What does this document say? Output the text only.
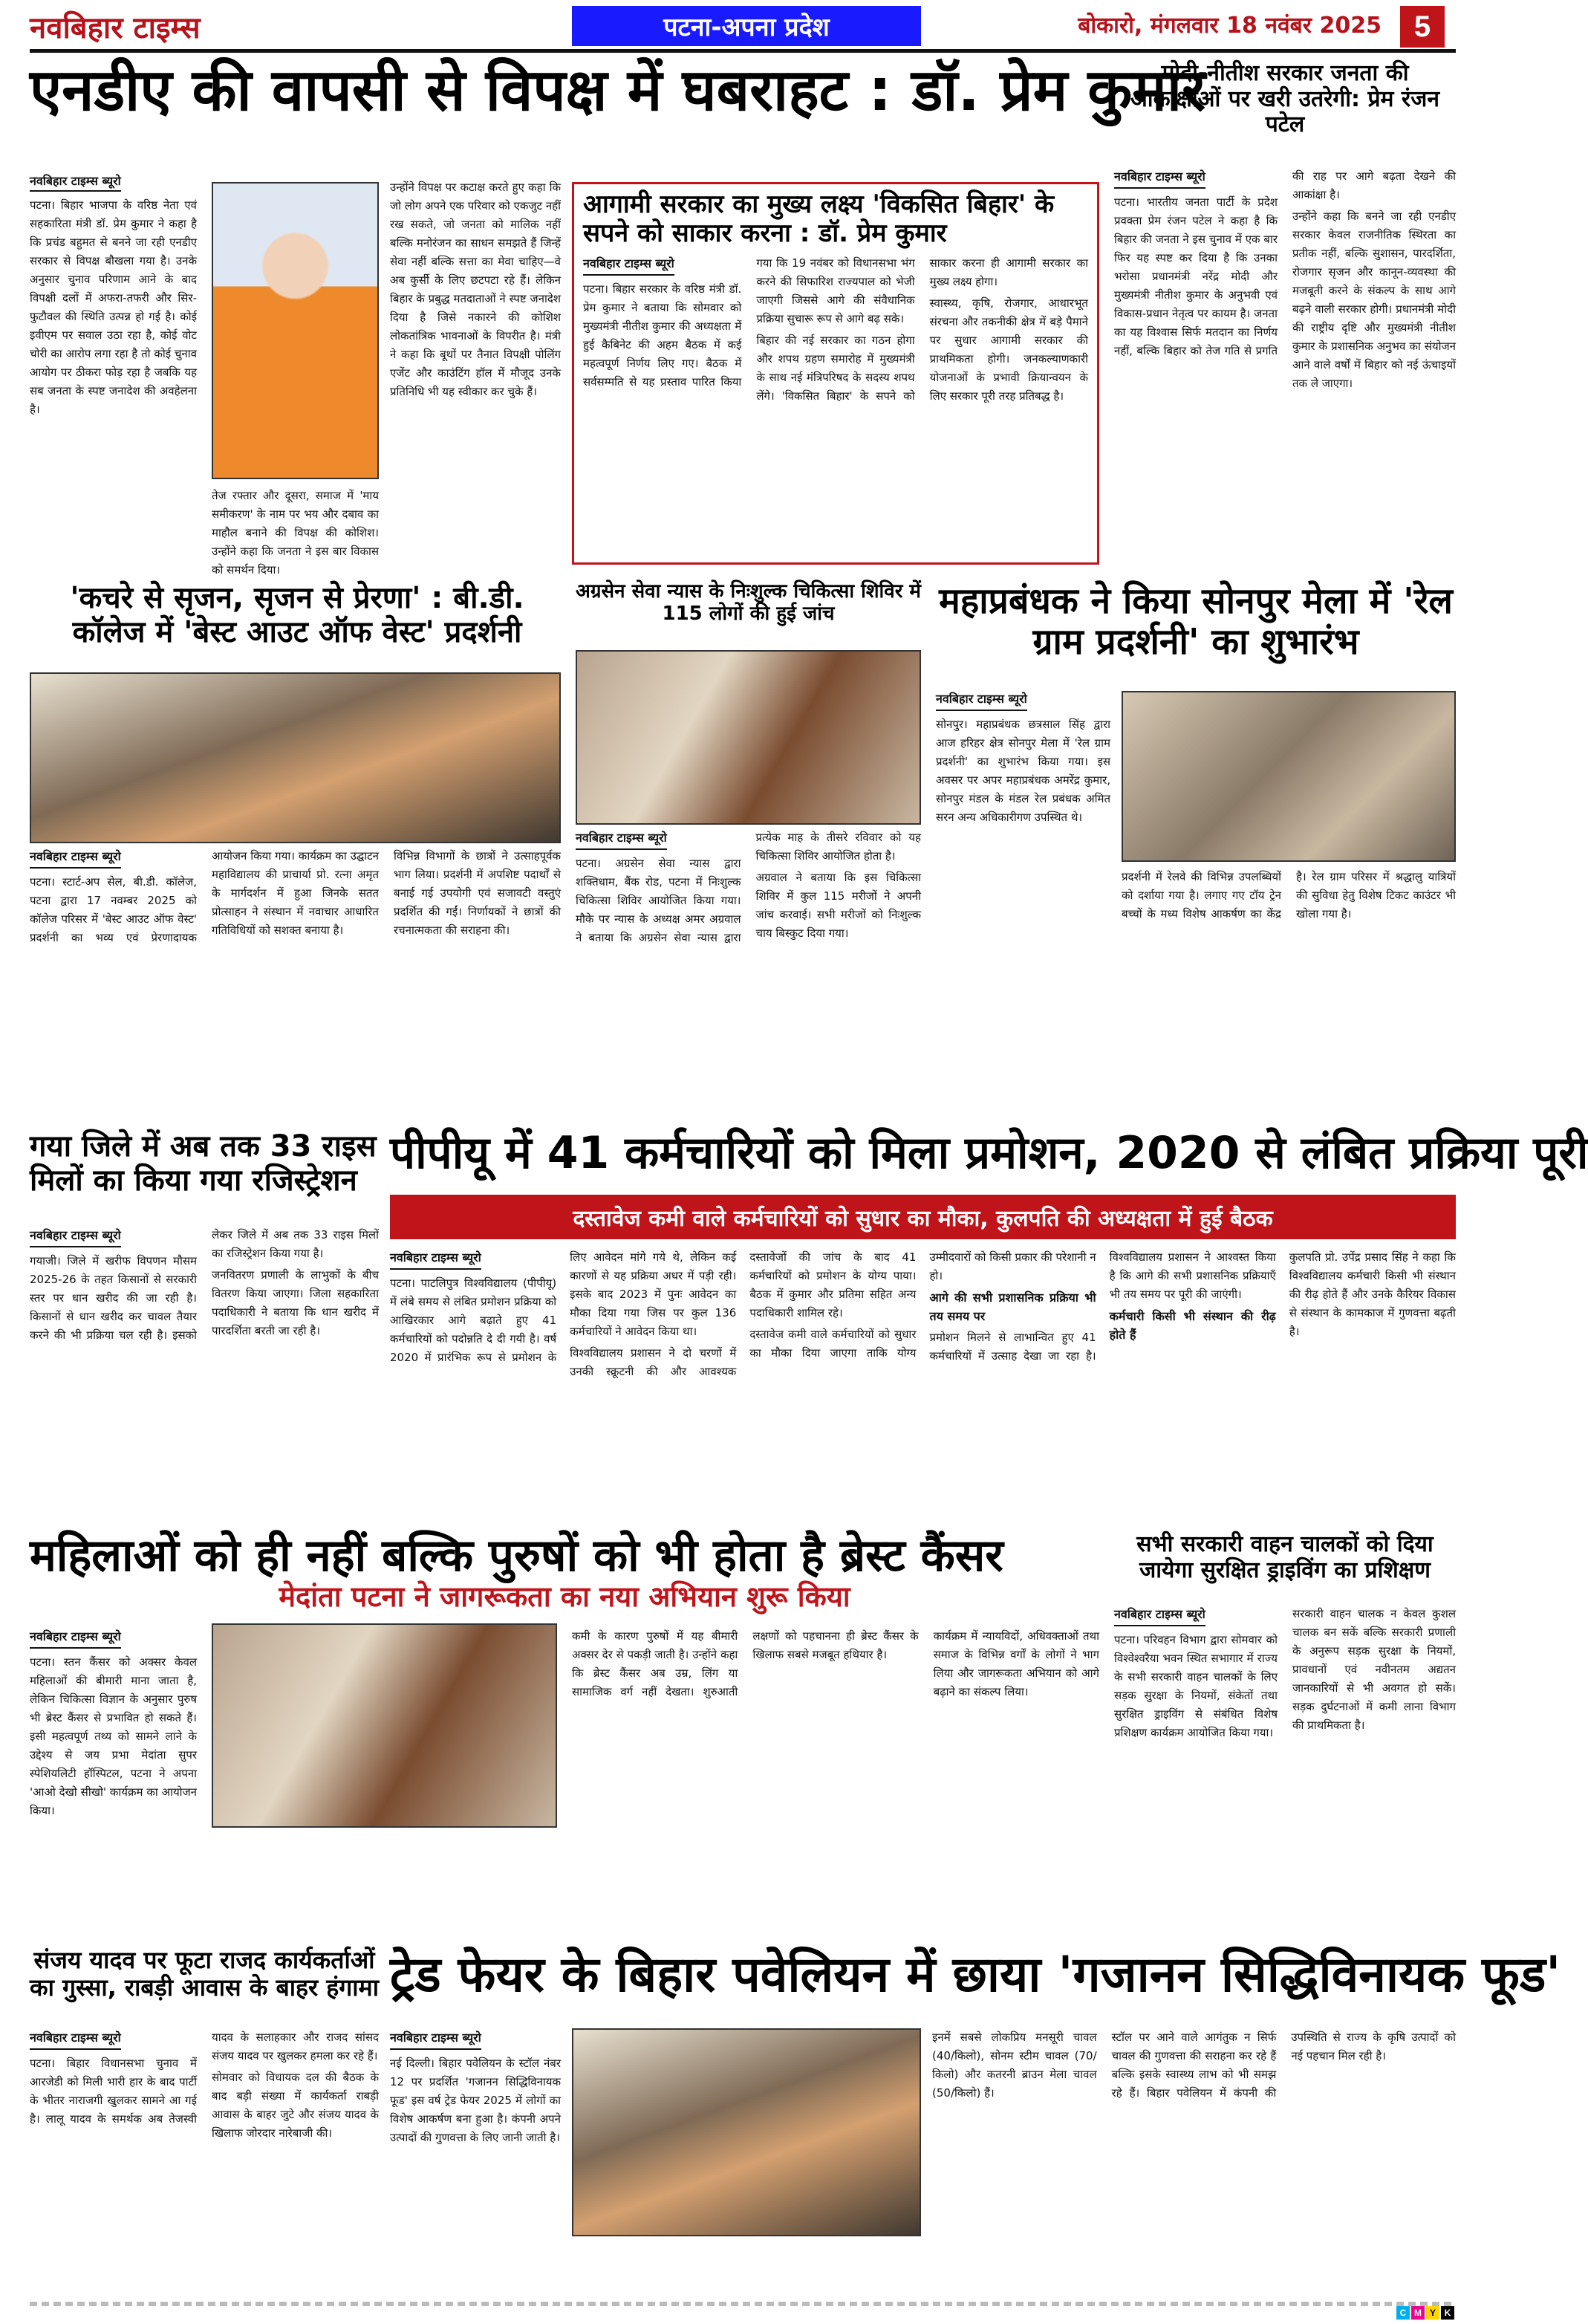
नवबिहार टाइम्स	पटना-अपना प्रदेश	बोकारो, मंगलवार 18 नवंबर 2025	5
एनडीए की वापसी से विपक्ष में घबराहट : डॉ. प्रेम कुमार
नवबिहार टाइम्स ब्यूरो

पटना। बिहार भाजपा के वरिष्ठ नेता एवं सहकारिता मंत्री डॉ. प्रेम कुमार ने कहा है कि प्रचंड बहुमत से बनने जा रही एनडीए सरकार से विपक्ष बौखला गया है। उनके अनुसार चुनाव परिणाम आने के बाद विपक्षी दलों में अफरा-तफरी और सिर-फुटौवल की स्थिति उत्पन्न हो गई है। कोई इवीएम पर सवाल उठा रहा है, कोई वोट चोरी का आरोप लगा रहा है तो कोई चुनाव आयोग पर ठीकरा फोड़ रहा है जबकि यह सब जनता के स्पष्ट जनादेश की अवहेलना है।

तेज रफ्तार और दूसरा, समाज में 'माय समीकरण' के नाम पर भय और दबाव का माहौल बनाने की विपक्ष की कोशिश। उन्होंने कहा कि जनता ने इस बार विकास को समर्थन दिया।

उन्होंने विपक्ष पर कटाक्ष करते हुए कहा कि जो लोग अपने एक परिवार को एकजुट नहीं रख सकते, जो जनता को मालिक नहीं बल्कि मनोरंजन का साधन समझते हैं जिन्हें सेवा नहीं बल्कि सत्ता का मेवा चाहिए—वे अब कुर्सी के लिए छटपटा रहे हैं। लेकिन बिहार के प्रबुद्ध मतदाताओं ने स्पष्ट जनादेश दिया है जिसे नकारने की कोशिश लोकतांत्रिक भावनाओं के विपरीत है। मंत्री ने कहा कि बूथों पर तैनात विपक्षी पोलिंग एजेंट और काउंटिंग हॉल में मौजूद उनके प्रतिनिधि भी यह स्वीकार कर चुके हैं।

आगामी सरकार का मुख्य लक्ष्य 'विकसित बिहार' के सपने को साकार करना : डॉ. प्रेम कुमार
नवबिहार टाइम्स ब्यूरो

पटना। बिहार सरकार के वरिष्ठ मंत्री डॉ. प्रेम कुमार ने बताया कि सोमवार को मुख्यमंत्री नीतीश कुमार की अध्यक्षता में हुई कैबिनेट की अहम बैठक में कई महत्वपूर्ण निर्णय लिए गए। बैठक में सर्वसम्मति से यह प्रस्ताव पारित किया गया कि 19 नवंबर को विधानसभा भंग करने की सिफारिश राज्यपाल को भेजी जाएगी जिससे आगे की संवैधानिक प्रक्रिया सुचारू रूप से आगे बढ़ सके।

बिहार की नई सरकार का गठन होगा और शपथ ग्रहण समारोह में मुख्यमंत्री के साथ नई मंत्रिपरिषद के सदस्य शपथ लेंगे। 'विकसित बिहार' के सपने को साकार करना ही आगामी सरकार का मुख्य लक्ष्य होगा।

स्वास्थ्य, कृषि, रोजगार, आधारभूत संरचना और तकनीकी क्षेत्र में बड़े पैमाने पर सुधार आगामी सरकार की प्राथमिकता होगी। जनकल्याणकारी योजनाओं के प्रभावी क्रियान्वयन के लिए सरकार पूरी तरह प्रतिबद्ध है।

मोदी-नीतीश सरकार जनता की आकांक्षाओं पर खरी उतरेगी: प्रेम रंजन पटेल
नवबिहार टाइम्स ब्यूरो

पटना। भारतीय जनता पार्टी के प्रदेश प्रवक्ता प्रेम रंजन पटेल ने कहा है कि बिहार की जनता ने इस चुनाव में एक बार फिर यह स्पष्ट कर दिया है कि उनका भरोसा प्रधानमंत्री नरेंद्र मोदी और मुख्यमंत्री नीतीश कुमार के अनुभवी एवं विकास-प्रधान नेतृत्व पर कायम है। जनता का यह विश्वास सिर्फ मतदान का निर्णय नहीं, बल्कि बिहार को तेज गति से प्रगति की राह पर आगे बढ़ता देखने की आकांक्षा है।

उन्होंने कहा कि बनने जा रही एनडीए सरकार केवल राजनीतिक स्थिरता का प्रतीक नहीं, बल्कि सुशासन, पारदर्शिता, रोजगार सृजन और कानून-व्यवस्था की मजबूती करने के संकल्प के साथ आगे बढ़ने वाली सरकार होगी। प्रधानमंत्री मोदी की राष्ट्रीय दृष्टि और मुख्यमंत्री नीतीश कुमार के प्रशासनिक अनुभव का संयोजन आने वाले वर्षों में बिहार को नई ऊंचाइयों तक ले जाएगा।

'कचरे से सृजन, सृजन से प्रेरणा' : बी.डी. कॉलेज में 'बेस्ट आउट ऑफ वेस्ट' प्रदर्शनी
नवबिहार टाइम्स ब्यूरो

पटना। स्टार्ट-अप सेल, बी.डी. कॉलेज, पटना द्वारा 17 नवम्बर 2025 को कॉलेज परिसर में 'बेस्ट आउट ऑफ वेस्ट' प्रदर्शनी का भव्य एवं प्रेरणादायक आयोजन किया गया। कार्यक्रम का उद्घाटन महाविद्यालय की प्राचार्या प्रो. रत्ना अमृत के मार्गदर्शन में हुआ जिनके सतत प्रोत्साहन ने संस्थान में नवाचार आधारित गतिविधियों को सशक्त बनाया है।

विभिन्न विभागों के छात्रों ने उत्साहपूर्वक भाग लिया। प्रदर्शनी में अपशिष्ट पदार्थों से बनाई गई उपयोगी एवं सजावटी वस्तुएं प्रदर्शित की गईं। निर्णायकों ने छात्रों की रचनात्मकता की सराहना की।

अग्रसेन सेवा न्यास के निःशुल्क चिकित्सा शिविर में 115 लोगों की हुई जांच
नवबिहार टाइम्स ब्यूरो

पटना। अग्रसेन सेवा न्यास द्वारा शक्तिधाम, बैंक रोड, पटना में निःशुल्क चिकित्सा शिविर आयोजित किया गया। मौके पर न्यास के अध्यक्ष अमर अग्रवाल ने बताया कि अग्रसेन सेवा न्यास द्वारा प्रत्येक माह के तीसरे रविवार को यह चिकित्सा शिविर आयोजित होता है।

अग्रवाल ने बताया कि इस चिकित्सा शिविर में कुल 115 मरीजों ने अपनी जांच करवाई। सभी मरीजों को निःशुल्क चाय बिस्कुट दिया गया।

महाप्रबंधक ने किया सोनपुर मेला में 'रेल ग्राम प्रदर्शनी' का शुभारंभ
नवबिहार टाइम्स ब्यूरो

सोनपुर। महाप्रबंधक छत्रसाल सिंह द्वारा आज हरिहर क्षेत्र सोनपुर मेला में 'रेल ग्राम प्रदर्शनी' का शुभारंभ किया गया। इस अवसर पर अपर महाप्रबंधक अमरेंद्र कुमार, सोनपुर मंडल के मंडल रेल प्रबंधक अमित सरन अन्य अधिकारीगण उपस्थित थे।

प्रदर्शनी में रेलवे की विभिन्न उपलब्धियों को दर्शाया गया है। लगाए गए टॉय ट्रेन बच्चों के मध्य विशेष आकर्षण का केंद्र है। रेल ग्राम परिसर में श्रद्धालु यात्रियों की सुविधा हेतु विशेष टिकट काउंटर भी खोला गया है।

गया जिले में अब तक 33 राइस मिलों का किया गया रजिस्ट्रेशन
नवबिहार टाइम्स ब्यूरो

गयाजी। जिले में खरीफ विपणन मौसम 2025-26 के तहत किसानों से सरकारी स्तर पर धान खरीद की जा रही है। किसानों से धान खरीद कर चावल तैयार करने की भी प्रक्रिया चल रही है। इसको लेकर जिले में अब तक 33 राइस मिलों का रजिस्ट्रेशन किया गया है।

जनवितरण प्रणाली के लाभुकों के बीच वितरण किया जाएगा। जिला सहकारिता पदाधिकारी ने बताया कि धान खरीद में पारदर्शिता बरती जा रही है।

पीपीयू में 41 कर्मचारियों को मिला प्रमोशन, 2020 से लंबित प्रक्रिया पूरी
दस्तावेज कमी वाले कर्मचारियों को सुधार का मौका, कुलपति की अध्यक्षता में हुई बैठक
नवबिहार टाइम्स ब्यूरो

पटना। पाटलिपुत्र विश्वविद्यालय (पीपीयू) में लंबे समय से लंबित प्रमोशन प्रक्रिया को आखिरकार आगे बढ़ाते हुए 41 कर्मचारियों को पदोन्नति दे दी गयी है। वर्ष 2020 में प्रारंभिक रूप से प्रमोशन के लिए आवेदन मांगे गये थे, लेकिन कई कारणों से यह प्रक्रिया अधर में पड़ी रही। इसके बाद 2023 में पुनः आवेदन का मौका दिया गया जिस पर कुल 136 कर्मचारियों ने आवेदन किया था।

विश्वविद्यालय प्रशासन ने दो चरणों में उनकी स्क्रूटनी की और आवश्यक दस्तावेजों की जांच के बाद 41 कर्मचारियों को प्रमोशन के योग्य पाया। बैठक में कुमार और प्रतिमा सहित अन्य पदाधिकारी शामिल रहे।

दस्तावेज कमी वाले कर्मचारियों को सुधार का मौका दिया जाएगा ताकि योग्य उम्मीदवारों को किसी प्रकार की परेशानी न हो।

आगे की सभी प्रशासनिक प्रक्रिया भी तय समय पर

प्रमोशन मिलने से लाभान्वित हुए 41 कर्मचारियों में उत्साह देखा जा रहा है। विश्वविद्यालय प्रशासन ने आश्वस्त किया है कि आगे की सभी प्रशासनिक प्रक्रियाएँ भी तय समय पर पूरी की जाएंगी।

कर्मचारी किसी भी संस्थान की रीढ़ होते हैं

कुलपति प्रो. उपेंद्र प्रसाद सिंह ने कहा कि विश्वविद्यालय कर्मचारी किसी भी संस्थान की रीढ़ होते हैं और उनके कैरियर विकास से संस्थान के कामकाज में गुणवत्ता बढ़ती है।

महिलाओं को ही नहीं बल्कि पुरुषों को भी होता है ब्रेस्ट कैंसर
मेदांता पटना ने जागरूकता का नया अभियान शुरू किया
नवबिहार टाइम्स ब्यूरो

पटना। स्तन कैंसर को अक्सर केवल महिलाओं की बीमारी माना जाता है, लेकिन चिकित्सा विज्ञान के अनुसार पुरुष भी ब्रेस्ट कैंसर से प्रभावित हो सकते हैं। इसी महत्वपूर्ण तथ्य को सामने लाने के उद्देश्य से जय प्रभा मेदांता सुपर स्पेशियलिटी हॉस्पिटल, पटना ने अपना 'आओ देखो सीखो' कार्यक्रम का आयोजन किया।

कमी के कारण पुरुषों में यह बीमारी अक्सर देर से पकड़ी जाती है। उन्होंने कहा कि ब्रेस्ट कैंसर अब उम्र, लिंग या सामाजिक वर्ग नहीं देखता। शुरुआती लक्षणों को पहचानना ही ब्रेस्ट कैंसर के खिलाफ सबसे मजबूत हथियार है।

कार्यक्रम में न्यायविदों, अधिवक्ताओं तथा समाज के विभिन्न वर्गों के लोगों ने भाग लिया और जागरूकता अभियान को आगे बढ़ाने का संकल्प लिया।

सभी सरकारी वाहन चालकों को दिया जायेगा सुरक्षित ड्राइविंग का प्रशिक्षण
नवबिहार टाइम्स ब्यूरो

पटना। परिवहन विभाग द्वारा सोमवार को विश्वेश्वरैया भवन स्थित सभागार में राज्य के सभी सरकारी वाहन चालकों के लिए सड़क सुरक्षा के नियमों, संकेतों तथा सुरक्षित ड्राइविंग से संबंधित विशेष प्रशिक्षण कार्यक्रम आयोजित किया गया।

सरकारी वाहन चालक न केवल कुशल चालक बन सकें बल्कि सरकारी प्रणाली के अनुरूप सड़क सुरक्षा के नियमों, प्रावधानों एवं नवीनतम अद्यतन जानकारियों से भी अवगत हो सकें। सड़क दुर्घटनाओं में कमी लाना विभाग की प्राथमिकता है।

संजय यादव पर फूटा राजद कार्यकर्ताओं का गुस्सा, राबड़ी आवास के बाहर हंगामा
नवबिहार टाइम्स ब्यूरो

पटना। बिहार विधानसभा चुनाव में आरजेडी को मिली भारी हार के बाद पार्टी के भीतर नाराजगी खुलकर सामने आ गई है। लालू यादव के समर्थक अब तेजस्वी यादव के सलाहकार और राजद सांसद संजय यादव पर खुलकर हमला कर रहे हैं।

सोमवार को विधायक दल की बैठक के बाद बड़ी संख्या में कार्यकर्ता राबड़ी आवास के बाहर जुटे और संजय यादव के खिलाफ जोरदार नारेबाजी की।

ट्रेड फेयर के बिहार पवेलियन में छाया 'गजानन सिद्धिविनायक फूड'
नवबिहार टाइम्स ब्यूरो

नई दिल्ली। बिहार पवेलियन के स्टॉल नंबर 12 पर प्रदर्शित 'गजानन सिद्धिविनायक फूड' इस वर्ष ट्रेड फेयर 2025 में लोगों का विशेष आकर्षण बना हुआ है। कंपनी अपने उत्पादों की गुणवत्ता के लिए जानी जाती है।

इनमें सबसे लोकप्रिय मनसूरी चावल (40/किलो), सोनम स्टीम चावल (70/किलो) और कतरनी ब्राउन मेला चावल (50/किलो) हैं।

स्टॉल पर आने वाले आगंतुक न सिर्फ चावल की गुणवत्ता की सराहना कर रहे हैं बल्कि इसके स्वास्थ्य लाभ को भी समझ रहे हैं। बिहार पवेलियन में कंपनी की उपस्थिति से राज्य के कृषि उत्पादों को नई पहचान मिल रही है।

C M Y K
